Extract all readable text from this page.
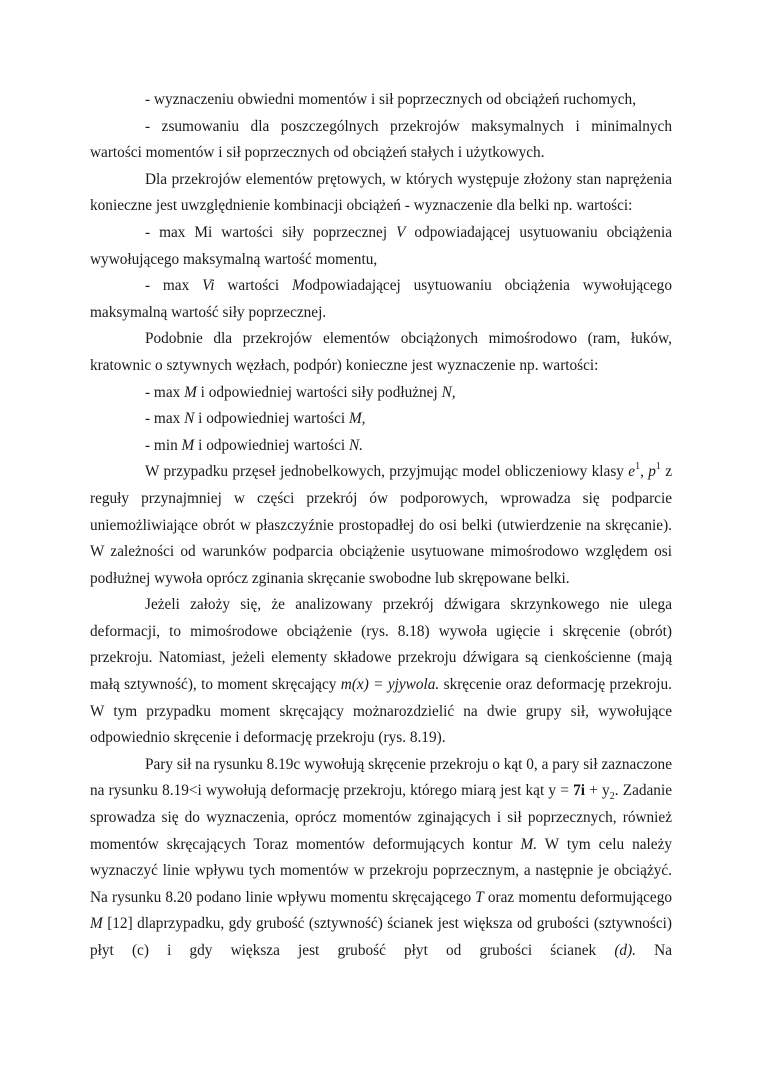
- wyznaczeniu obwiedni momentów i sił poprzecznych od obciążeń ruchomych,

- zsumowaniu dla poszczególnych przekrojów maksymalnych i minimalnych wartości momentów i sił poprzecznych od obciążeń stałych i użytkowych.

Dla przekrojów elementów prętowych, w których występuje złożony stan naprężenia konieczne jest uwzględnienie kombinacji obciążeń - wyznaczenie dla belki np. wartości:

- max Mi wartości siły poprzecznej V odpowiadającej usytuowaniu obciążenia wywołującego maksymalną wartość momentu,

- max Vi wartości Modpowiadającej usytuowaniu obciążenia wywołującego maksymalną wartość siły poprzecznej.

Podobnie dla przekrojów elementów obciążonych mimośrodowo (ram, łuków, kratownic o sztywnych węzłach, podpór) konieczne jest wyznaczenie np. wartości:

- max M i odpowiedniej wartości siły podłużnej N,

- max N i odpowiedniej wartości M,

- min M i odpowiedniej wartości N.

W przypadku przęseł jednobelkowych, przyjmując model obliczeniowy klasy $e^1$, $p^1$ z reguły przynajmniej w części przekrój ów podporowych, wprowadza się podparcie uniemożliwiające obrót w płaszczyźnie prostopadłej do osi belki (utwierdzenie na skręcanie). W zależności od warunków podparcia obciążenie usytuowane mimośrodowo względem osi podłużnej wywoła oprócz zginania skręcanie swobodne lub skrępowane belki.

Jeżeli założy się, że analizowany przekrój dźwigara skrzynkowego nie ulega deformacji, to mimośrodowe obciążenie (rys. 8.18) wywoła ugięcie i skręcenie (obrót) przekroju. Natomiast, jeżeli elementy składowe przekroju dźwigara są cienkościenne (mają małą sztywność), to moment skręcający m(x) = yjywola. skręcenie oraz deformację przekroju. W tym przypadku moment skręcający możnarozdzielić na dwie grupy sił, wywołujące odpowiednio skręcenie i deformację przekroju (rys. 8.19).

Pary sił na rysunku 8.19c wywołują skręcenie przekroju o kąt 0, a pary sił zaznaczone na rysunku 8.19<i wywołują deformację przekroju, którego miarą jest kąt $y = 7i + y_2$. Zadanie sprowadza się do wyznaczenia, oprócz momentów zginających i sił poprzecznych, również momentów skręcających Toraz momentów deformujących kontur M. W tym celu należy wyznaczyć linie wpływu tych momentów w przekroju poprzecznym, a następnie je obciążyć. Na rysunku 8.20 podano linie wpływu momentu skręcającego T oraz momentu deformującego M [12] dlaprzypadku, gdy grubość (sztywność) ścianek jest większa od grubości (sztywności) płyt (c) i gdy większa jest grubość płyt od grubości ścianek (d). Na
